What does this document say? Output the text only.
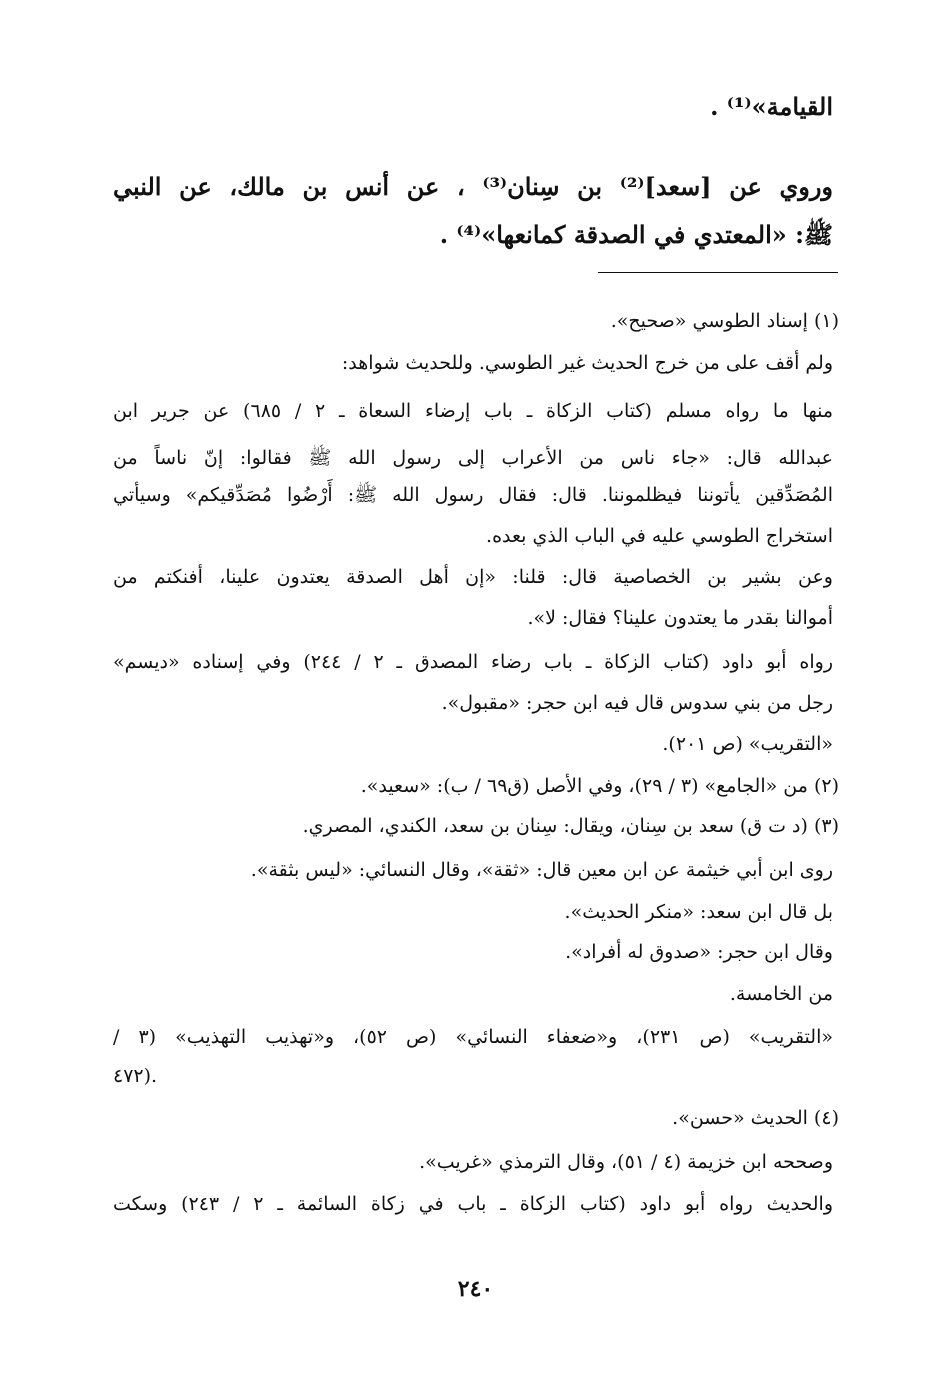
القيامة»⁽¹⁾ .
وروي عن [سعد]⁽²⁾ بن سِنان⁽³⁾ ، عن أنس بن مالك، عن النبي
ﷺ: «المعتدي في الصدقة كمانعها»⁽⁴⁾ .
(١) إسناد الطوسي «صحيح».
ولم أقف على من خرج الحديث غير الطوسي. وللحديث شواهد:
منها ما رواه مسلم (كتاب الزكاة ـ باب إرضاء السعاة ـ ٢ / ٦٨٥) عن جرير ابن
عبدالله قال: «جاء ناس من الأعراب إلى رسول الله ﷺ فقالوا: إنّ ناساً من
المُصَدِّقين يأتوننا فيظلموننا. قال: فقال رسول الله ﷺ: أَرْضُوا مُصَدِّقيكم» وسيأتي
استخراج الطوسي عليه في الباب الذي بعده.
وعن بشير بن الخصاصية قال: قلنا: «إن أهل الصدقة يعتدون علينا، أفنكتم من
أموالنا بقدر ما يعتدون علينا؟ فقال: لا».
رواه أبو داود (كتاب الزكاة ـ باب رضاء المصدق ـ ٢ / ٢٤٤) وفي إسناده «ديسم»
رجل من بني سدوس قال فيه ابن حجر: «مقبول».
«التقريب» (ص ٢٠١).
(٢) من «الجامع» (٣ / ٢٩)، وفي الأصل (ق٦٩ / ب): «سعيد».
(٣) (د ت ق) سعد بن سِنان، ويقال: سِنان بن سعد، الكندي، المصري.
روى ابن أبي خيثمة عن ابن معين قال: «ثقة»، وقال النسائي: «ليس بثقة».
بل قال ابن سعد: «منكر الحديث».
وقال ابن حجر: «صدوق له أفراد».
من الخامسة.
«التقريب» (ص ٢٣١)، و«ضعفاء النسائي» (ص ٥٢)، و«تهذيب التهذيب» (٣ /
٤٧٢).
(٤) الحديث «حسن».
وصححه ابن خزيمة (٤ / ٥١)، وقال الترمذي «غريب».
والحديث رواه أبو داود (كتاب الزكاة ـ باب في زكاة السائمة ـ ٢ / ٢٤٣) وسكت
٢٤٠
